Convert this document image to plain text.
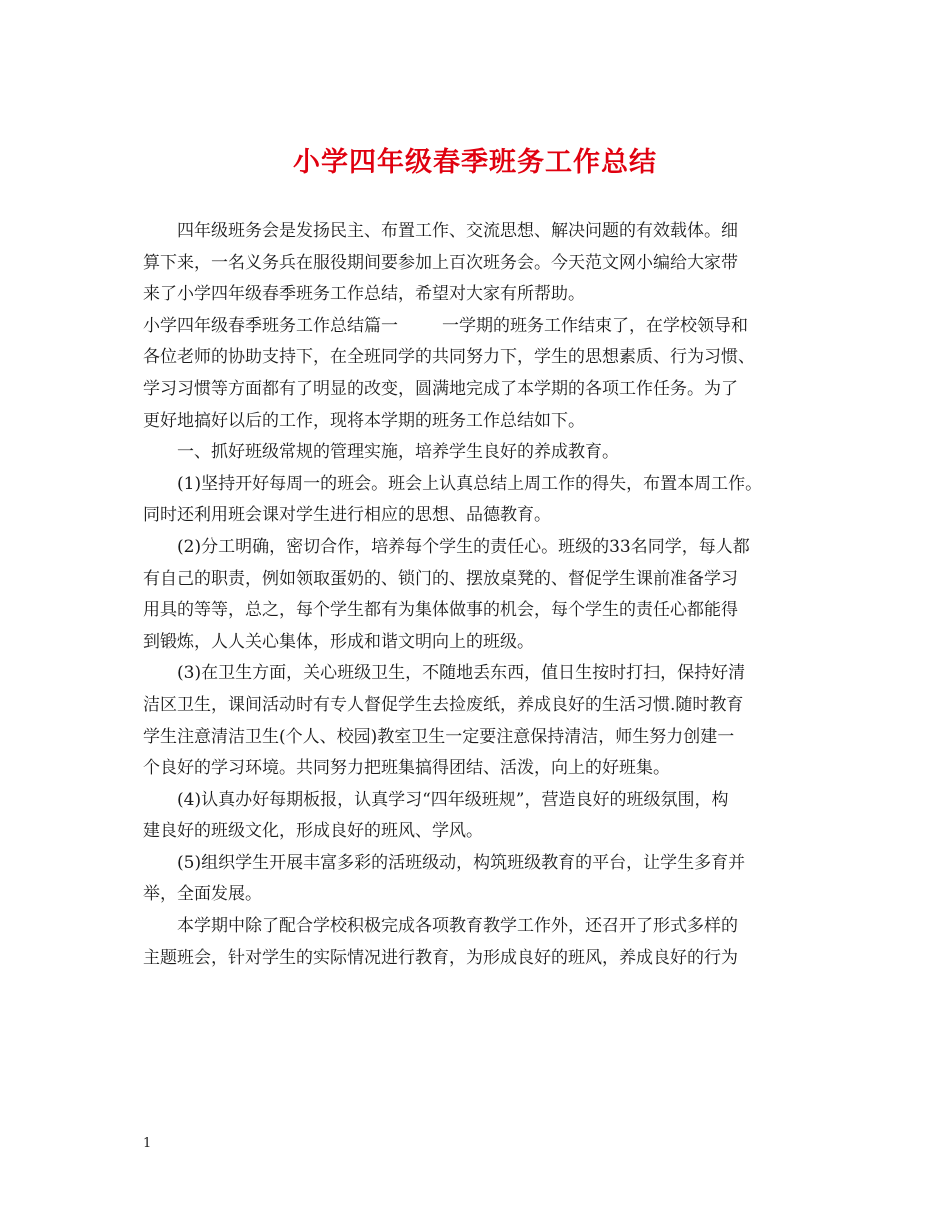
小学四年级春季班务工作总结
四年级班务会是发扬民主、布置工作、交流思想、解决问题的有效载体。细
算下来，一名义务兵在服役期间要参加上百次班务会。今天范文网小编给大家带
来了小学四年级春季班务工作总结，希望对大家有所帮助。
小学四年级春季班务工作总结篇一	一学期的班务工作结束了，在学校领导和
各位老师的协助支持下，在全班同学的共同努力下，学生的思想素质、行为习惯、
学习习惯等方面都有了明显的改变，圆满地完成了本学期的各项工作任务。为了
更好地搞好以后的工作，现将本学期的班务工作总结如下。
一、抓好班级常规的管理实施，培养学生良好的养成教育。
(1)坚持开好每周一的班会。班会上认真总结上周工作的得失，布置本周工作。
同时还利用班会课对学生进行相应的思想、品德教育。
(2)分工明确，密切合作，培养每个学生的责任心。班级的33名同学，每人都
有自己的职责，例如领取蛋奶的、锁门的、摆放桌凳的、督促学生课前准备学习
用具的等等，总之，每个学生都有为集体做事的机会，每个学生的责任心都能得
到锻炼，人人关心集体，形成和谐文明向上的班级。
(3)在卫生方面，关心班级卫生，不随地丢东西，值日生按时打扫，保持好清
洁区卫生，课间活动时有专人督促学生去捡废纸，养成良好的生活习惯.随时教育
学生注意清洁卫生(个人、校园)教室卫生一定要注意保持清洁，师生努力创建一
个良好的学习环境。共同努力把班集搞得团结、活泼，向上的好班集。
(4)认真办好每期板报，认真学习“四年级班规”，营造良好的班级氛围，构
建良好的班级文化，形成良好的班风、学风。
(5)组织学生开展丰富多彩的活班级动，构筑班级教育的平台，让学生多育并
举，全面发展。
本学期中除了配合学校积极完成各项教育教学工作外，还召开了形式多样的
主题班会，针对学生的实际情况进行教育，为形成良好的班风，养成良好的行为
1
